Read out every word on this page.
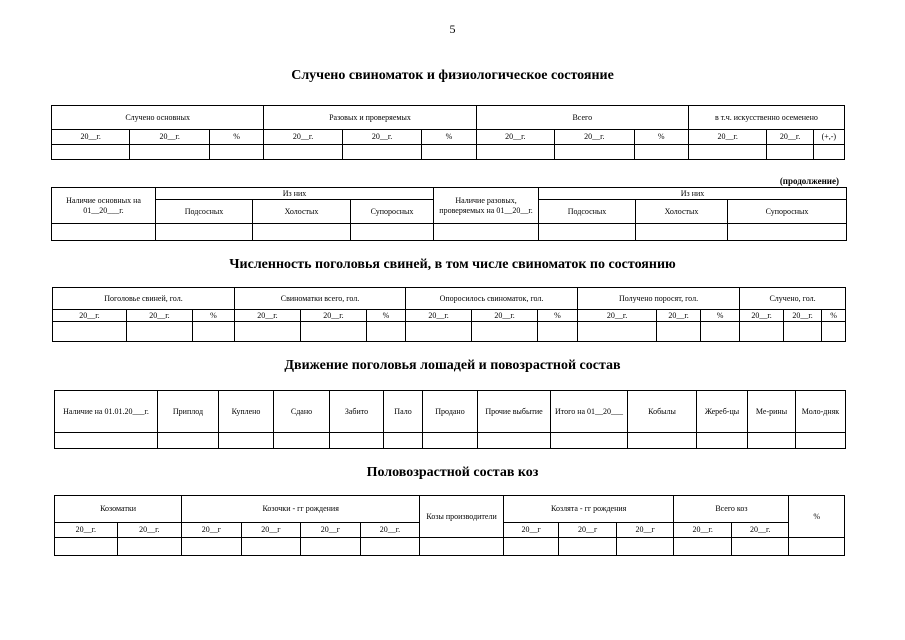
5
Случено свиноматок и физиологическое состояние
Случено основных			Разовых и проверяемых			Всего			в т.ч. искусственно осеменено		
20__г.	20__г.	%	20__г.	20__г.	%	20__г.	20__г.	%	20__г.	20__г.	(+,-)

(продолжение)
Наличие основных на 01__20___г.	Из них			Наличие разовых, проверяемых на 01__20__г.	Из них		
	Подсосных	Холостых	Супоросных		Подсосных	Холостых	Супоросных

Численность поголовья свиней, в том числе свиноматок по состоянию
Поголовье свиней, гол.			Свиноматки всего, гол.			Опоросилось свиноматок, гол.			Получено поросят, гол.			Случено, гол.		
20__г.	20__г.	%	20__г.	20__г.	%	20__г.	20__г.	%	20__г.	20__г.	%	20__г.	20__г.	%

Движение поголовья лошадей и повозрастной состав
Наличие на 01.01.20___г.	Приплод	Куплено	Сдано	Забито	Пало	Продано	Прочие выбытие	Итого на 01__20___	Кобылы	Жереб-цы	Ме-рины	Моло-дняк

Половозрастной состав коз
Козоматки		Козочки - гг рождения				Козы производители	Козлята - гг рождения			Всего коз		%
20__г.	20__г.	20__г	20__г	20__г	20__г.		20__г	20__г	20__г	20__г.	20__г.	
